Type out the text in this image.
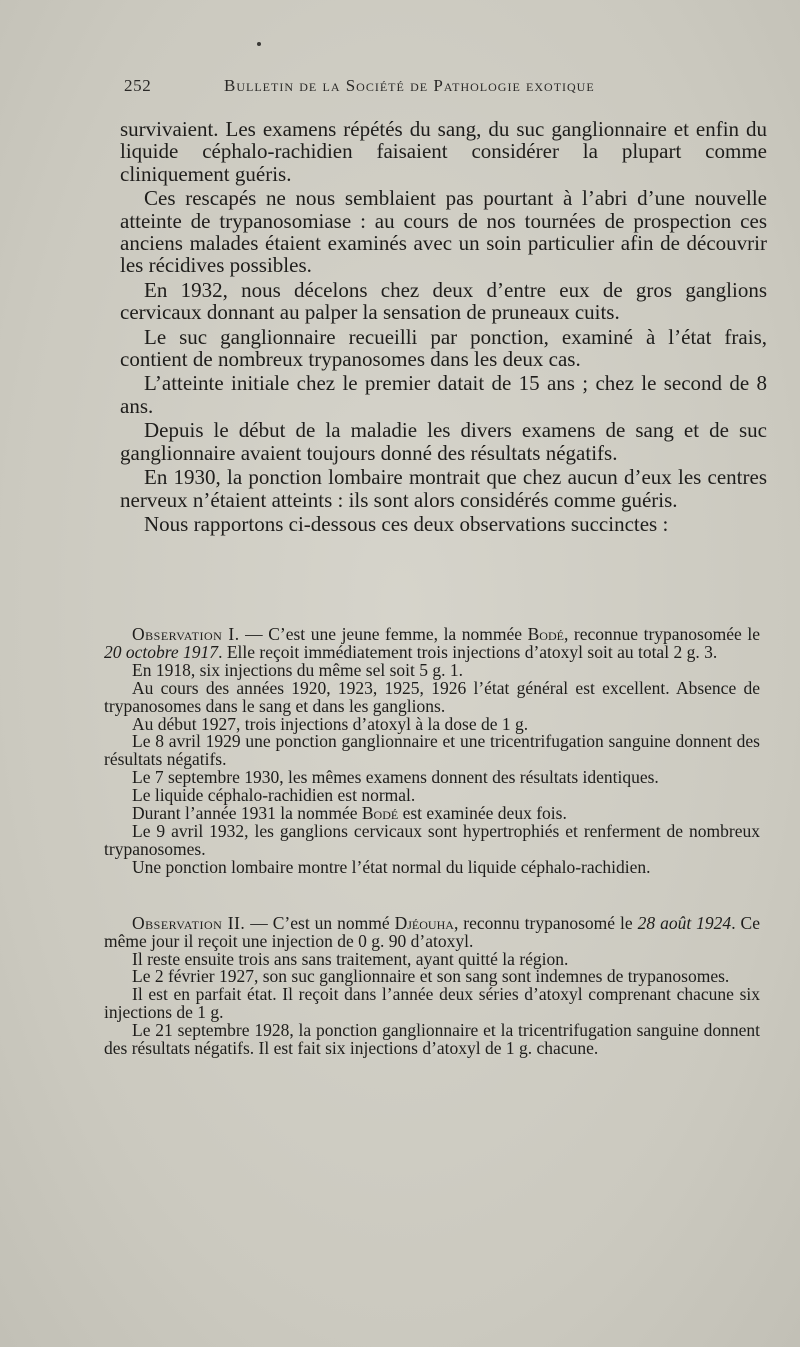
252	Bulletin de la Société de Pathologie exotique

survivaient. Les examens répétés du sang, du suc ganglionnaire et enfin du liquide céphalo-rachidien faisaient considérer la plupart comme cliniquement guéris.

Ces rescapés ne nous semblaient pas pourtant à l’abri d’une nouvelle atteinte de trypanosomiase : au cours de nos tournées de prospection ces anciens malades étaient examinés avec un soin particulier afin de découvrir les récidives possibles.

En 1932, nous décelons chez deux d’entre eux de gros ganglions cervicaux donnant au palper la sensation de pruneaux cuits.

Le suc ganglionnaire recueilli par ponction, examiné à l’état frais, contient de nombreux trypanosomes dans les deux cas.

L’atteinte initiale chez le premier datait de 15 ans ; chez le second de 8 ans.

Depuis le début de la maladie les divers examens de sang et de suc ganglionnaire avaient toujours donné des résultats négatifs.

En 1930, la ponction lombaire montrait que chez aucun d’eux les centres nerveux n’étaient atteints : ils sont alors considérés comme guéris.

Nous rapportons ci-dessous ces deux observations succinctes :

Observation I. — C’est une jeune femme, la nommée Bodé, reconnue trypanosomée le 20 octobre 1917. Elle reçoit immédiatement trois injections d’atoxyl soit au total 2 g. 3.

En 1918, six injections du même sel soit 5 g. 1.

Au cours des années 1920, 1923, 1925, 1926 l’état général est excellent. Absence de trypanosomes dans le sang et dans les ganglions.

Au début 1927, trois injections d’atoxyl à la dose de 1 g.

Le 8 avril 1929 une ponction ganglionnaire et une tricentrifugation sanguine donnent des résultats négatifs.

Le 7 septembre 1930, les mêmes examens donnent des résultats identiques.

Le liquide céphalo-rachidien est normal.

Durant l’année 1931 la nommée Bodé est examinée deux fois.

Le 9 avril 1932, les ganglions cervicaux sont hypertrophiés et renferment de nombreux trypanosomes.

Une ponction lombaire montre l’état normal du liquide céphalo-rachidien.

Observation II. — C’est un nommé Djéouha, reconnu trypanosomé le 28 août 1924. Ce même jour il reçoit une injection de 0 g. 90 d’atoxyl.

Il reste ensuite trois ans sans traitement, ayant quitté la région.

Le 2 février 1927, son suc ganglionnaire et son sang sont indemnes de trypanosomes.

Il est en parfait état. Il reçoit dans l’année deux séries d’atoxyl comprenant chacune six injections de 1 g.

Le 21 septembre 1928, la ponction ganglionnaire et la tricentrifugation sanguine donnent des résultats négatifs. Il est fait six injections d’atoxyl de 1 g. chacune.
